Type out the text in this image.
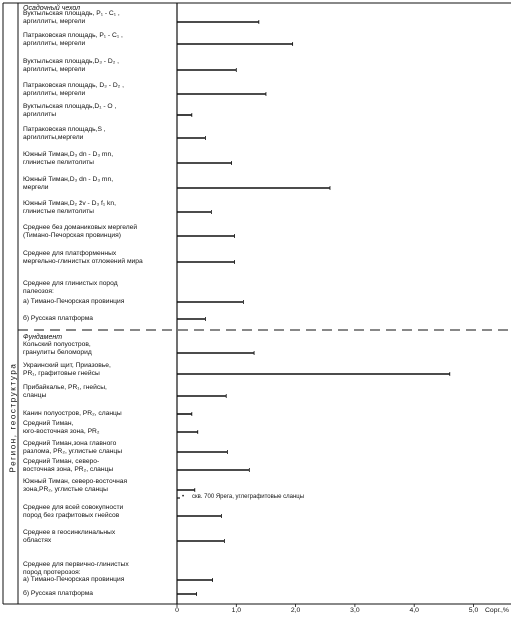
Осадочный чехол
Вуктыльская площадь, P₁ - C₁ ,
аргиллиты, мергели
Патраковская площадь, P₁ - C₁ ,
аргиллиты, мергели
Вуктыльская площадь,D₃ - D₂ ,
аргиллиты, мергели
Патраковская площадь, D₃ - D₂ ,
аргиллиты, мергели
Вуктыльская площадь,D₁ - O ,
аргиллиты
Патраковская площадь,S ,
аргиллиты,мергели
Южный Тиман,D₃ dn - D₃ mn,
глинистые пелитолиты
Южный Тиман,D₃ dn - D₃ mn,
мергели
Южный Тиман,D₂ žv - D₃ f₁ kn,
глинистые пелитолиты
Среднее без доманиковых мергелей
(Тимано-Печорская провинция)
Среднее для платформенных
мергельно-глинистых отложений мира
Среднее для глинистых пород
палеозоя:
а) Тимано-Печорская провинция
б) Русская платформа
Фундамент
Кольский полуостров,
гранулиты беломорид
Украинский щит, Приазовье,
PR₁, графитовые гнейсы
Прибайкалье, PR₁, гнейсы,
сланцы
Канин полуостров, PR₂, сланцы
Средний Тиман,
юго-восточная зона, PR₂
Средний Тиман,зона главного
разлома, PR₂, углистые сланцы
Средний Тиман, северо-
восточная зона, PR₂, сланцы
скв. 700 Ярега, углеграфитовые сланцы
•
Южный Тиман, северо-восточная
зона,PR₂, углистые сланцы
Среднее для всей совокупности
пород без графитовых гнейсов
Среднее в геосинклинальных
областях
Среднее для первично-глинистых
пород протерозоя:
а) Тимано-Печорская провинция
б) Русская платформа
Регион, геоструктура
0	1,0	2,0	3,0	4,0	5,0 Сорг.,%
